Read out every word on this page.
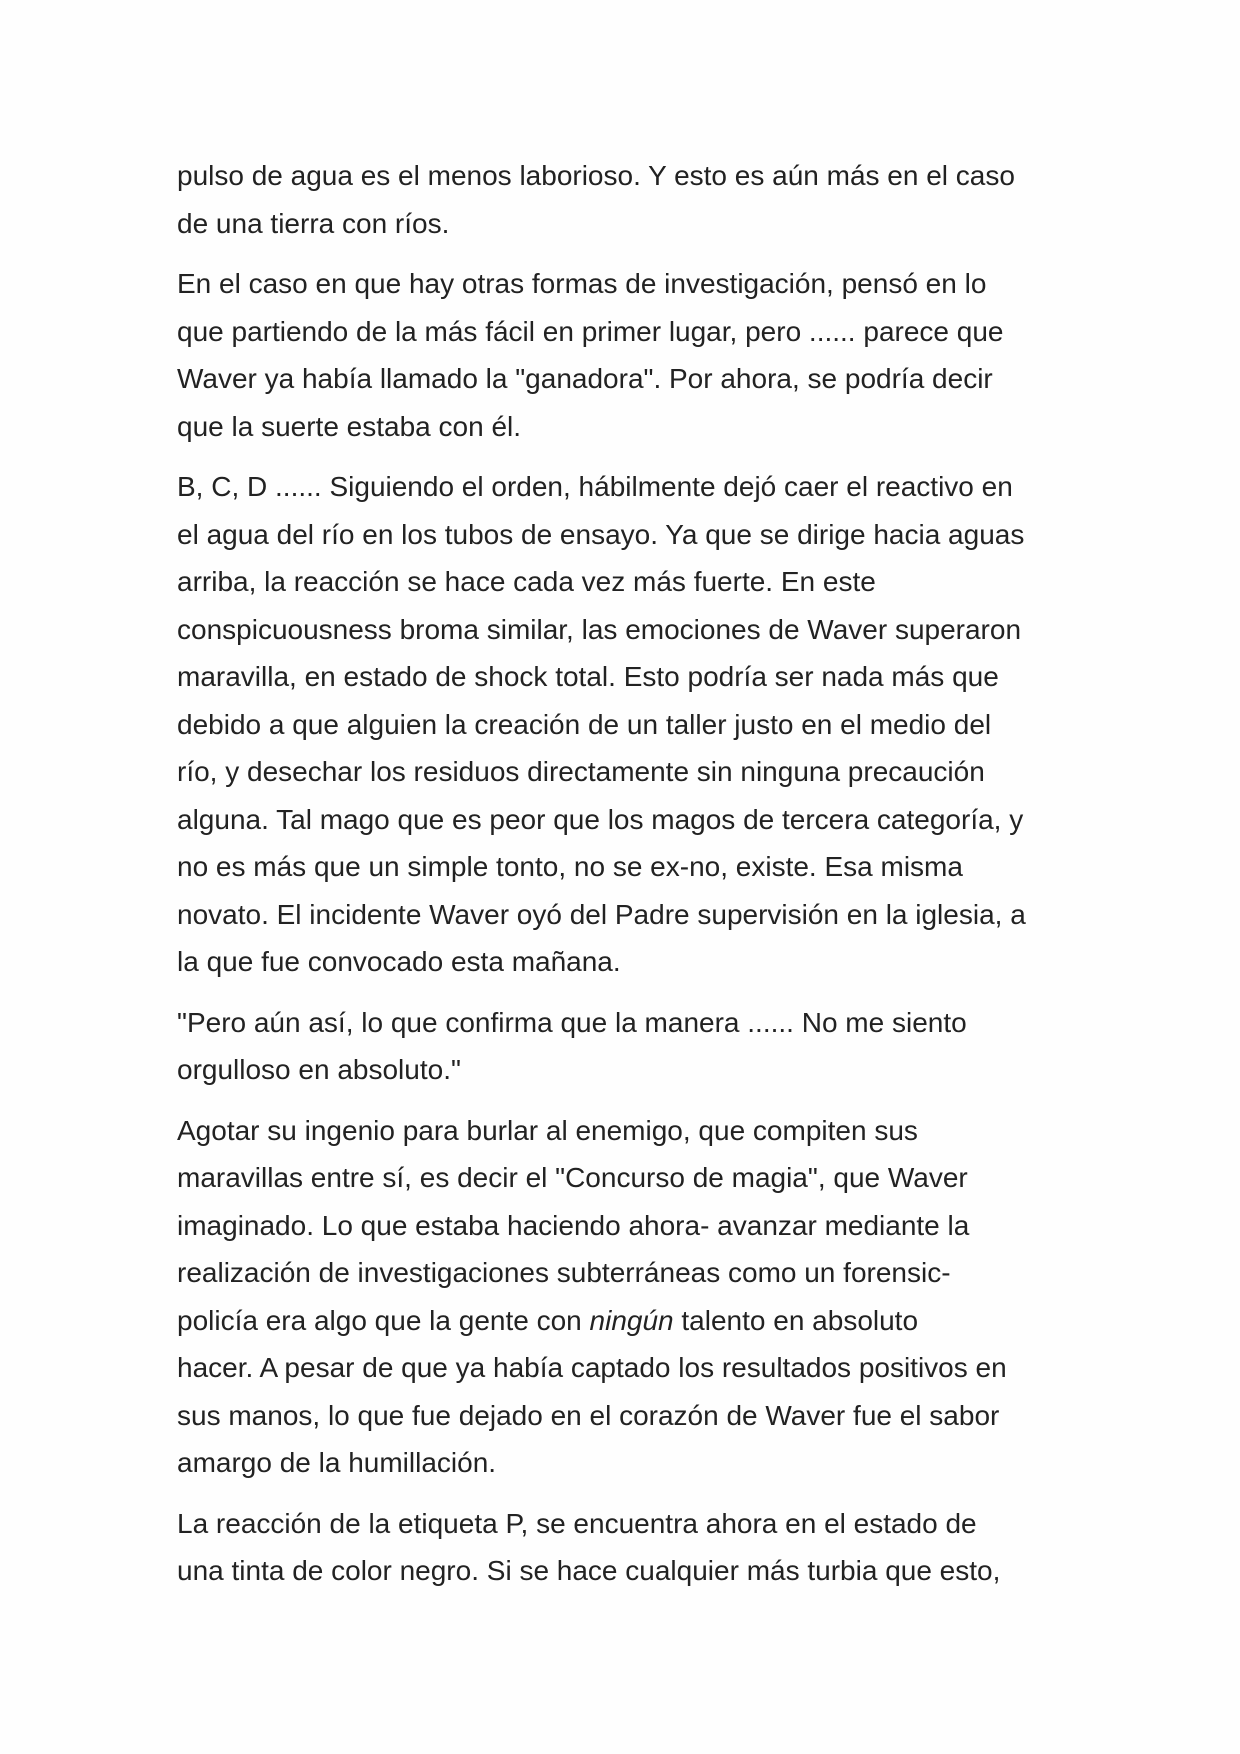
pulso de agua es el menos laborioso. Y esto es aún más en el caso
de una tierra con ríos.

En el caso en que hay otras formas de investigación, pensó en lo
que partiendo de la más fácil en primer lugar, pero ...... parece que
Waver ya había llamado la "ganadora". Por ahora, se podría decir
que la suerte estaba con él.

B, C, D ...... Siguiendo el orden, hábilmente dejó caer el reactivo en
el agua del río en los tubos de ensayo. Ya que se dirige hacia aguas
arriba, la reacción se hace cada vez más fuerte. En este
conspicuousness broma similar, las emociones de Waver superaron
maravilla, en estado de shock total. Esto podría ser nada más que
debido a que alguien la creación de un taller justo en el medio del
río, y desechar los residuos directamente sin ninguna precaución
alguna. Tal mago que es peor que los magos de tercera categoría, y
no es más que un simple tonto, no se ex-no, existe. Esa misma
novato. El incidente Waver oyó del Padre supervisión en la iglesia, a
la que fue convocado esta mañana.

"Pero aún así, lo que confirma que la manera ...... No me siento
orgulloso en absoluto."

Agotar su ingenio para burlar al enemigo, que compiten sus
maravillas entre sí, es decir el "Concurso de magia", que Waver
imaginado. Lo que estaba haciendo ahora- avanzar mediante la
realización de investigaciones subterráneas como un forensic-
policía era algo que la gente con ningún talento en absoluto
hacer. A pesar de que ya había captado los resultados positivos en
sus manos, lo que fue dejado en el corazón de Waver fue el sabor
amargo de la humillación.

La reacción de la etiqueta P, se encuentra ahora en el estado de
una tinta de color negro. Si se hace cualquier más turbia que esto,
